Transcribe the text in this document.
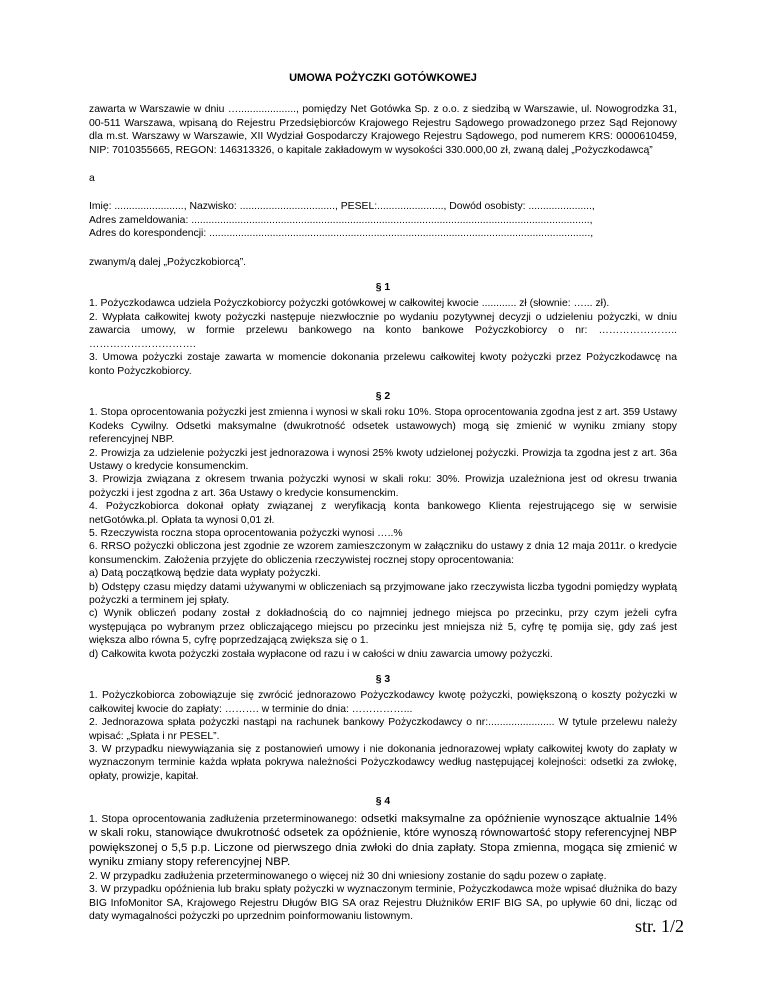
UMOWA POŻYCZKI GOTÓWKOWEJ

zawarta w Warszawie w dniu …...................., pomiędzy Net Gotówka Sp. z o.o. z siedzibą w Warszawie, ul. Nowogrodzka 31, 00-511 Warszawa, wpisaną do Rejestru Przedsiębiorców Krajowego Rejestru Sądowego prowadzonego przez Sąd Rejonowy dla m.st. Warszawy w Warszawie, XII Wydział Gospodarczy Krajowego Rejestru Sądowego, pod numerem KRS: 0000610459, NIP: 7010355665, REGON: 146313326, o kapitale zakładowym w wysokości 330.000,00 zł, zwaną dalej „Pożyczkodawcą”

a

Imię: ........................, Nazwisko: ................................., PESEL:......................., Dowód osobisty: ......................,

Adres zameldowania: ..........................................................................................................................................,

Adres do korespondencji: ....................................................................................................................................,

zwanym/ą dalej „Pożyczkobiorcą”.

§ 1

1. Pożyczkodawca udziela Pożyczkobiorcy pożyczki gotówkowej w całkowitej kwocie ............ zł (słownie: …... zł).

2. Wypłata całkowitej kwoty pożyczki następuje niezwłocznie po wydaniu pozytywnej decyzji o udzieleniu pożyczki, w dniu zawarcia umowy, w formie przelewu bankowego na konto bankowe Pożyczkobiorcy o nr: ………………….. ………………………….

3. Umowa pożyczki zostaje zawarta w momencie dokonania przelewu całkowitej kwoty pożyczki przez Pożyczkodawcę na konto Pożyczkobiorcy.

§ 2

1. Stopa oprocentowania pożyczki jest zmienna i wynosi w skali roku 10%. Stopa oprocentowania zgodna jest z art. 359 Ustawy Kodeks Cywilny. Odsetki maksymalne (dwukrotność odsetek ustawowych) mogą się zmienić w wyniku zmiany stopy referencyjnej NBP.

2. Prowizja za udzielenie pożyczki jest jednorazowa i wynosi 25% kwoty udzielonej pożyczki. Prowizja ta zgodna jest z art. 36a Ustawy o kredycie konsumenckim.

3. Prowizja związana z okresem trwania pożyczki wynosi w skali roku: 30%. Prowizja uzależniona jest od okresu trwania pożyczki i jest zgodna z art. 36a Ustawy o kredycie konsumenckim.

4. Pożyczkobiorca dokonał opłaty związanej z weryfikacją konta bankowego Klienta rejestrującego się w serwisie netGotówka.pl. Opłata ta wynosi 0,01 zł.

5. Rzeczywista roczna stopa oprocentowania pożyczki wynosi …..%

6. RRSO pożyczki obliczona jest zgodnie ze wzorem zamieszczonym w załączniku do ustawy z dnia 12 maja 2011r. o kredycie konsumenckim. Założenia przyjęte do obliczenia rzeczywistej rocznej stopy oprocentowania:

a) Datą początkową będzie data wypłaty pożyczki.

b) Odstępy czasu między datami używanymi w obliczeniach są przyjmowane jako rzeczywista liczba tygodni pomiędzy wypłatą pożyczki a terminem jej spłaty.

c) Wynik obliczeń podany został z dokładnością do co najmniej jednego miejsca po przecinku, przy czym jeżeli cyfra występująca po wybranym przez obliczającego miejscu po przecinku jest mniejsza niż 5, cyfrę tę pomija się, gdy zaś jest większa albo równa 5, cyfrę poprzedzającą zwiększa się o 1.

d) Całkowita kwota pożyczki została wypłacone od razu i w całości w dniu zawarcia umowy pożyczki.

§ 3

1. Pożyczkobiorca zobowiązuje się zwrócić jednorazowo Pożyczkodawcy kwotę pożyczki, powiększoną o koszty pożyczki w całkowitej kwocie do zapłaty: ………. w terminie do dnia: ……………...

2. Jednorazowa spłata pożyczki nastąpi na rachunek bankowy Pożyczkodawcy o nr:....................... W tytule przelewu należy wpisać: „Spłata i nr PESEL”.

3. W przypadku niewywiązania się z postanowień umowy i nie dokonania jednorazowej wpłaty całkowitej kwoty do zapłaty w wyznaczonym terminie każda wpłata pokrywa należności Pożyczkodawcy według następującej kolejności: odsetki za zwłokę, opłaty, prowizje, kapitał.

§ 4

1. Stopa oprocentowania zadłużenia przeterminowanego: odsetki maksymalne za opóźnienie wynoszące aktualnie 14% w skali roku, stanowiące dwukrotność odsetek za opóźnienie, które wynoszą równowartość stopy referencyjnej NBP powiększonej o 5,5 p.p. Liczone od pierwszego dnia zwłoki do dnia zapłaty. Stopa zmienna, mogąca się zmienić w wyniku zmiany stopy referencyjnej NBP.

2. W przypadku zadłużenia przeterminowanego o więcej niż 30 dni wniesiony zostanie do sądu pozew o zapłatę.

3. W przypadku opóźnienia lub braku spłaty pożyczki w wyznaczonym terminie, Pożyczkodawca może wpisać dłużnika do bazy BIG InfoMonitor SA, Krajowego Rejestru Długów BIG SA oraz Rejestru Dłużników ERIF BIG SA, po upływie 60 dni, licząc od daty wymagalności pożyczki po uprzednim poinformowaniu listownym.	str. 1/2
